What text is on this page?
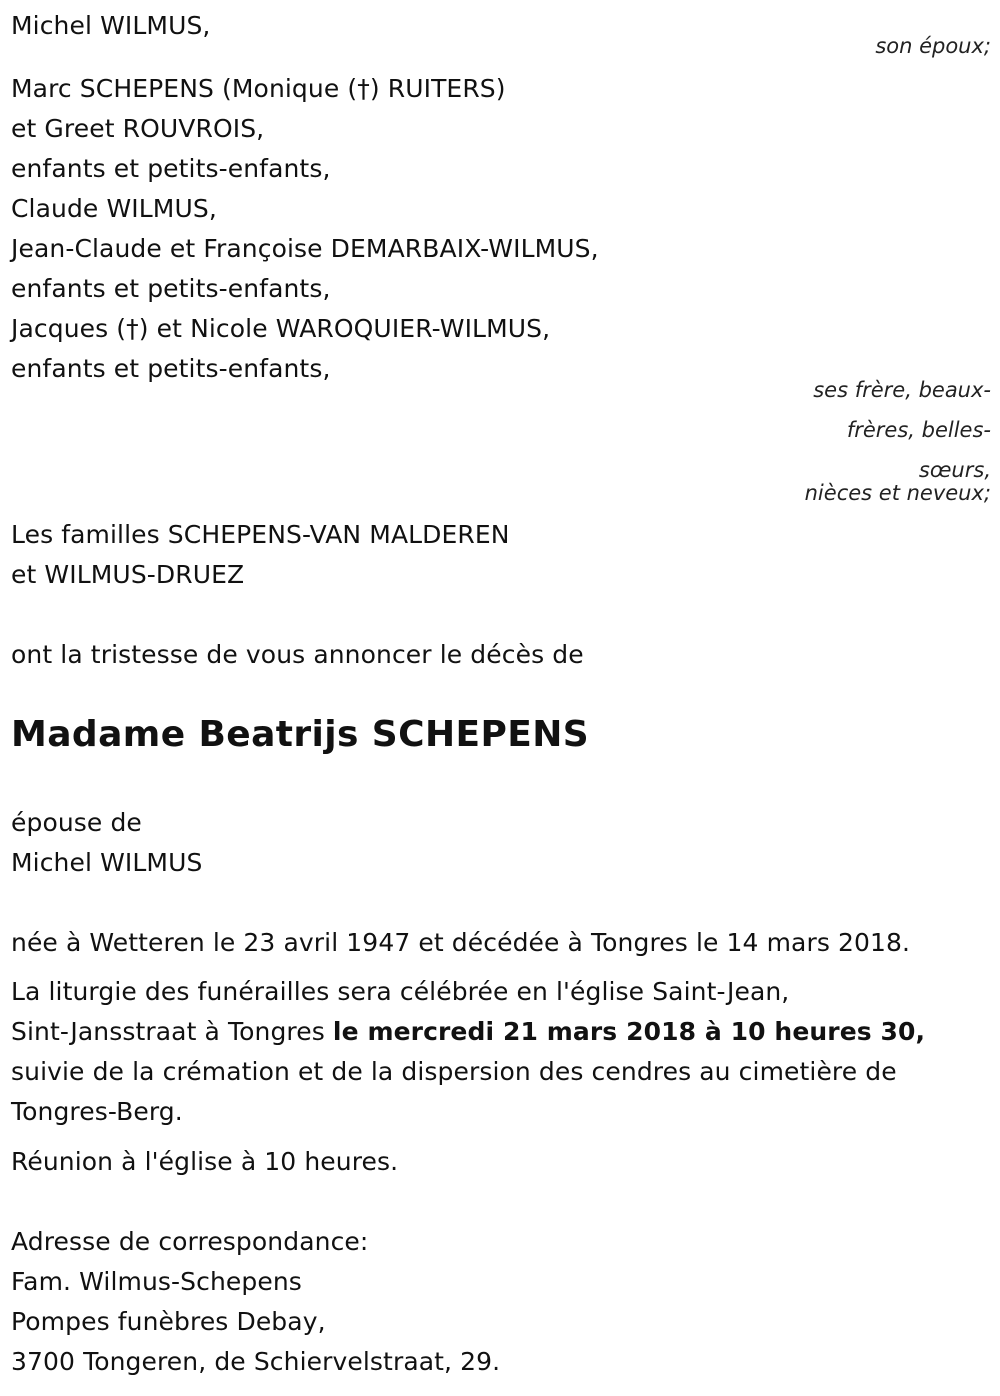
Michel WILMUS,
son époux;
Marc SCHEPENS (Monique (†) RUITERS)
et Greet ROUVROIS,
enfants et petits-enfants,
Claude WILMUS,
Jean-Claude et Françoise DEMARBAIX-WILMUS,
enfants et petits-enfants,
Jacques (†) et Nicole WAROQUIER-WILMUS,
enfants et petits-enfants,
ses frère, beaux-
frères, belles-
sœurs,
nièces et neveux;
Les familles SCHEPENS-VAN MALDEREN
et WILMUS-DRUEZ
ont la tristesse de vous annoncer le décès de
Madame Beatrijs SCHEPENS
épouse de
Michel WILMUS
née à Wetteren le 23 avril 1947 et décédée à Tongres le 14 mars 2018.
La liturgie des funérailles sera célébrée en l'église Saint-Jean,
Sint-Jansstraat à Tongres le mercredi 21 mars 2018 à 10 heures 30,
suivie de la crémation et de la dispersion des cendres au cimetière de
Tongres-Berg.
Réunion à l'église à 10 heures.
Adresse de correspondance:
Fam. Wilmus-Schepens
Pompes funèbres Debay,
3700 Tongeren, de Schiervelstraat, 29.
